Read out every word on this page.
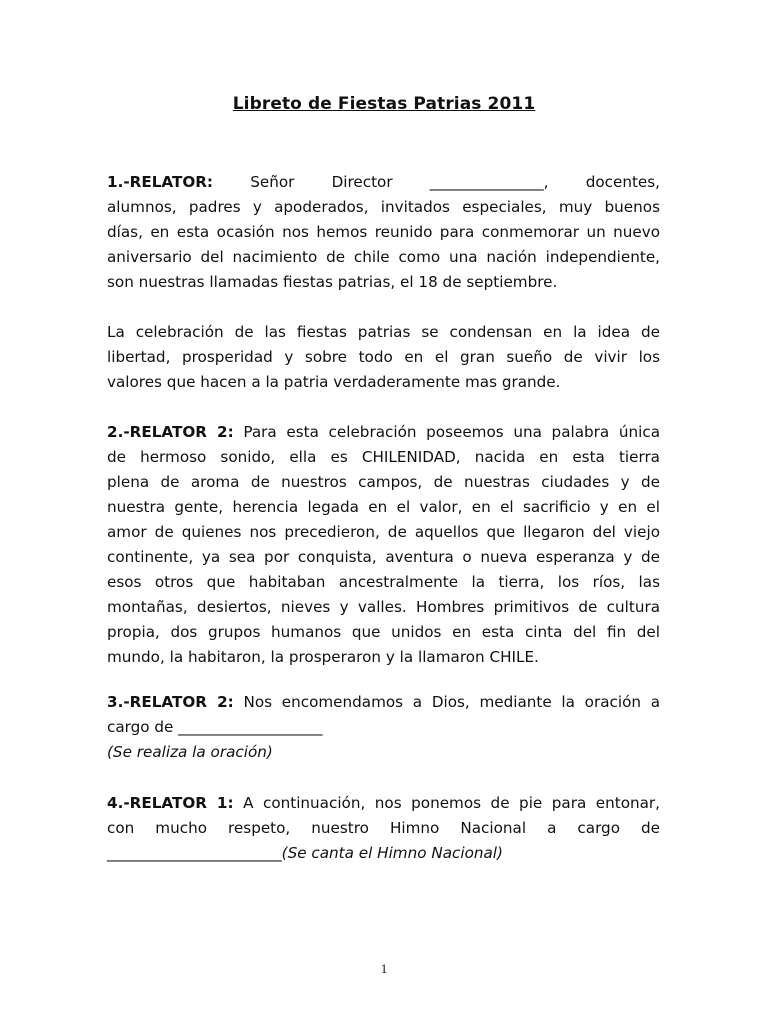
Libreto de Fiestas Patrias 2011
1.-RELATOR: Señor Director _______________, docentes,
alumnos, padres y apoderados, invitados especiales, muy buenos
días, en esta ocasión nos hemos reunido para conmemorar un nuevo
aniversario del nacimiento de chile como una nación independiente,
son nuestras llamadas fiestas patrias, el 18 de septiembre.
La celebración de las fiestas patrias se condensan en la idea de
libertad, prosperidad y sobre todo en el gran sueño de vivir los
valores que hacen a la patria verdaderamente mas grande.
2.-RELATOR 2: Para esta celebración poseemos una palabra única
de hermoso sonido, ella es CHILENIDAD, nacida en esta tierra
plena de aroma de nuestros campos, de nuestras ciudades y de
nuestra gente, herencia legada en el valor, en el sacrificio y en el
amor de quienes nos precedieron, de aquellos que llegaron del viejo
continente, ya sea por conquista, aventura o nueva esperanza y de
esos otros que habitaban ancestralmente la tierra, los ríos, las
montañas, desiertos, nieves y valles. Hombres primitivos de cultura
propia, dos grupos humanos que unidos en esta cinta del fin del
mundo, la habitaron, la prosperaron y la llamaron CHILE.
3.-RELATOR 2: Nos encomendamos a Dios, mediante la oración a
cargo de ___________________
(Se realiza la oración)
4.-RELATOR 1: A continuación, nos ponemos de pie para entonar,
con mucho respeto, nuestro Himno Nacional a cargo de
_______________________(Se canta el Himno Nacional)
1
